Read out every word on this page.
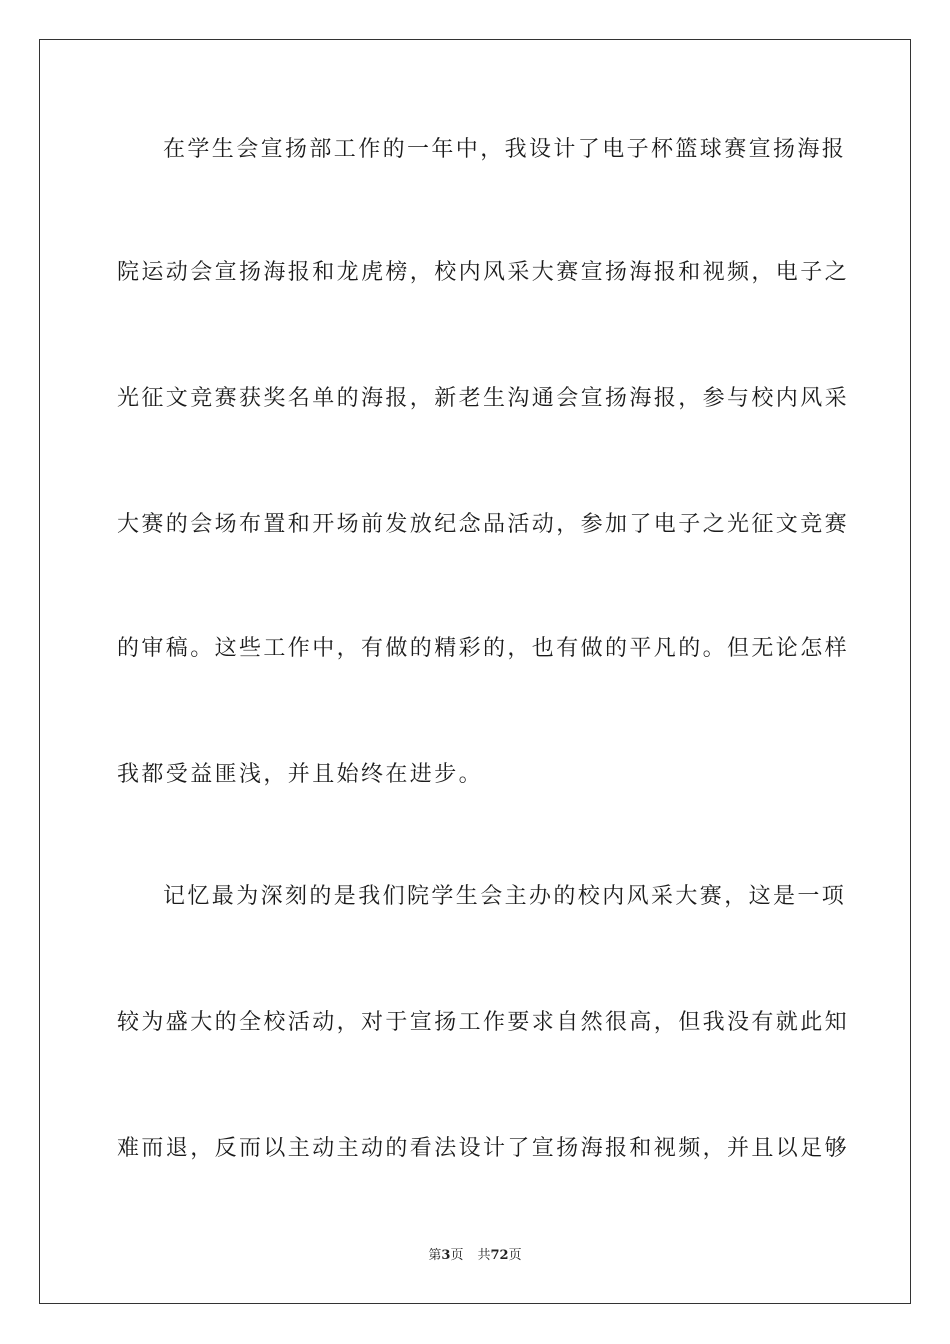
在学生会宣扬部工作的一年中，我设计了电子杯篮球赛宣扬海报
院运动会宣扬海报和龙虎榜，校内风采大赛宣扬海报和视频，电子之
光征文竞赛获奖名单的海报，新老生沟通会宣扬海报，参与校内风采
大赛的会场布置和开场前发放纪念品活动，参加了电子之光征文竞赛
的审稿。这些工作中，有做的精彩的，也有做的平凡的。但无论怎样
我都受益匪浅，并且始终在进步。
记忆最为深刻的是我们院学生会主办的校内风采大赛，这是一项
较为盛大的全校活动，对于宣扬工作要求自然很高，但我没有就此知
难而退，反而以主动主动的看法设计了宣扬海报和视频，并且以足够
第3页 共72页
